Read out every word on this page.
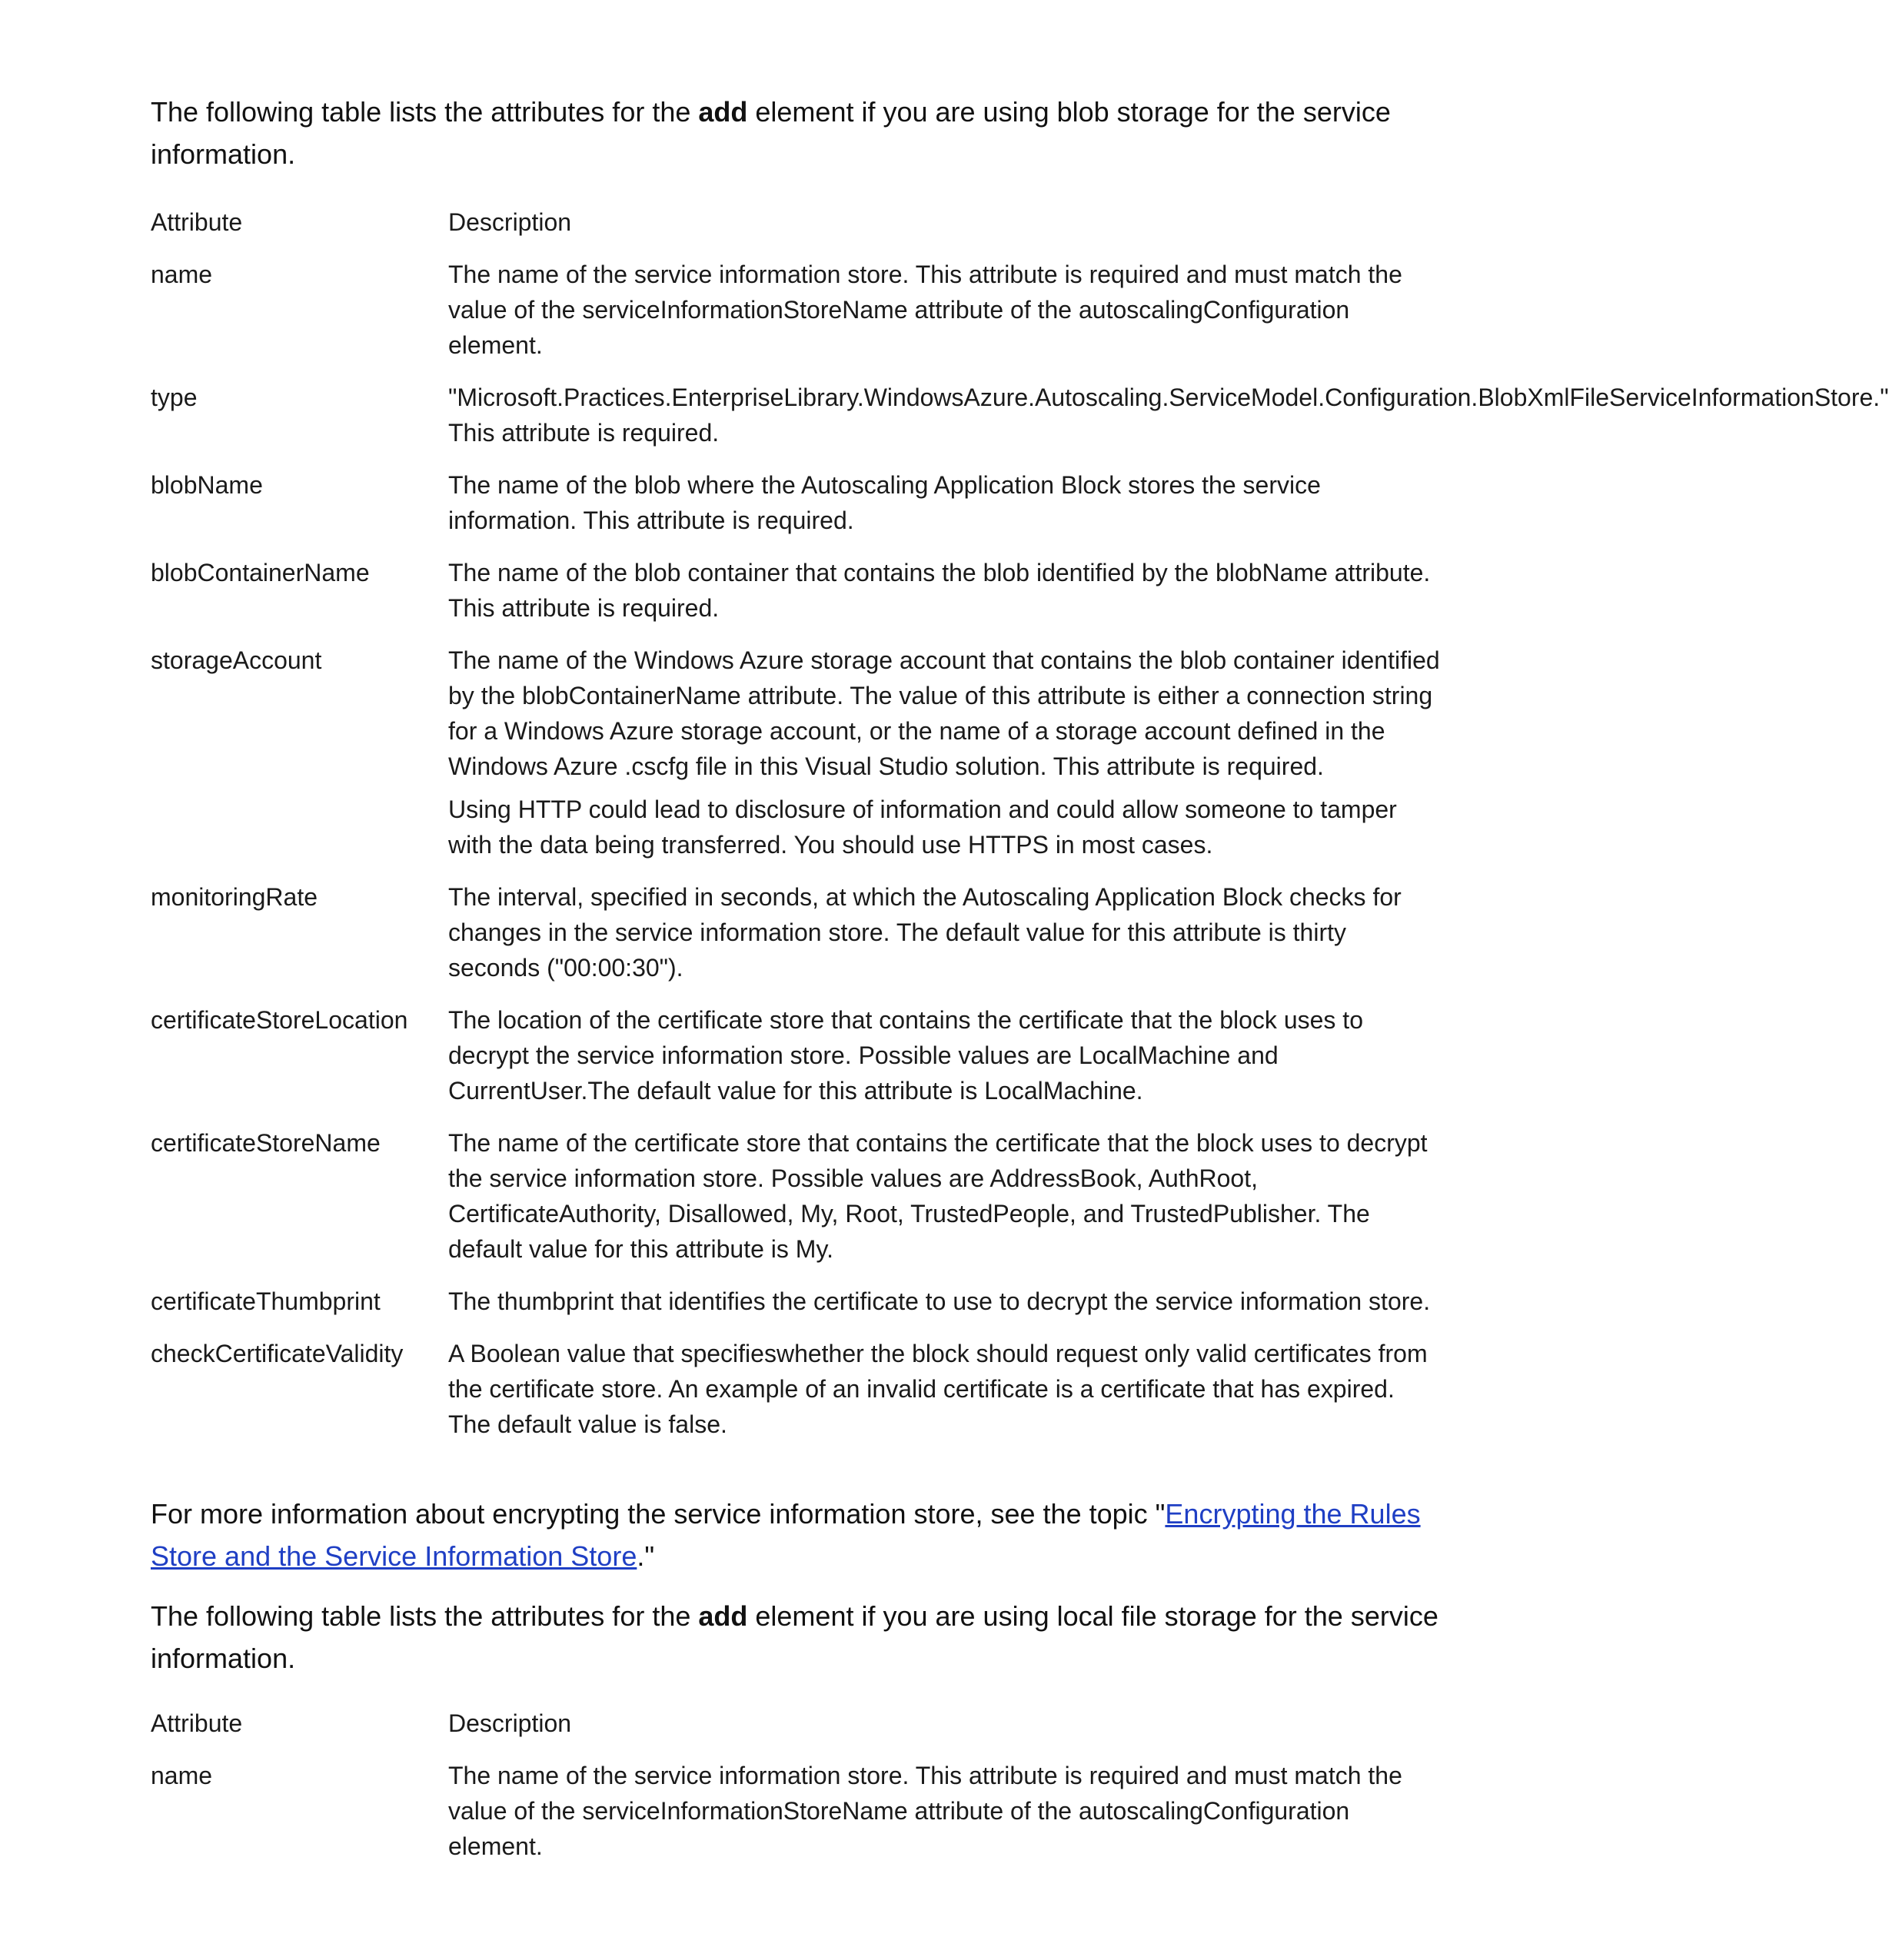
The following table lists the attributes for the add element if you are using blob storage for the service information.

Attribute	Description
name	The name of the service information store. This attribute is required and must match the value of the serviceInformationStoreName attribute of the autoscalingConfiguration element.

type	"Microsoft.Practices.EnterpriseLibrary.WindowsAzure.Autoscaling.ServiceModel.Configuration.BlobXmlFileServiceInformationStore." This attribute is required.

blobName	The name of the blob where the Autoscaling Application Block stores the service information. This attribute is required.

blobContainerName	The name of the blob container that contains the blob identified by the blobName attribute. This attribute is required.

storageAccount	The name of the Windows Azure storage account that contains the blob container identified by the blobContainerName attribute. The value of this attribute is either a connection string for a Windows Azure storage account, or the name of a storage account defined in the Windows Azure .cscfg file in this Visual Studio solution. This attribute is required.

Using HTTP could lead to disclosure of information and could allow someone to tamper with the data being transferred. You should use HTTPS in most cases.

monitoringRate	The interval, specified in seconds, at which the Autoscaling Application Block checks for changes in the service information store. The default value for this attribute is thirty seconds ("00:00:30").

certificateStoreLocation	The location of the certificate store that contains the certificate that the block uses to decrypt the service information store. Possible values are LocalMachine and CurrentUser.The default value for this attribute is LocalMachine.

certificateStoreName	The name of the certificate store that contains the certificate that the block uses to decrypt the service information store. Possible values are AddressBook, AuthRoot, CertificateAuthority, Disallowed, My, Root, TrustedPeople, and TrustedPublisher. The default value for this attribute is My.

certificateThumbprint	The thumbprint that identifies the certificate to use to decrypt the service information store.

checkCertificateValidity	A Boolean value that specifieswhether the block should request only valid certificates from the certificate store. An example of an invalid certificate is a certificate that has expired. The default value is false.

For more information about encrypting the service information store, see the topic "Encrypting the Rules Store and the Service Information Store."

The following table lists the attributes for the add element if you are using local file storage for the service information.

Attribute	Description
name	The name of the service information store. This attribute is required and must match the value of the serviceInformationStoreName attribute of the autoscalingConfiguration element.
